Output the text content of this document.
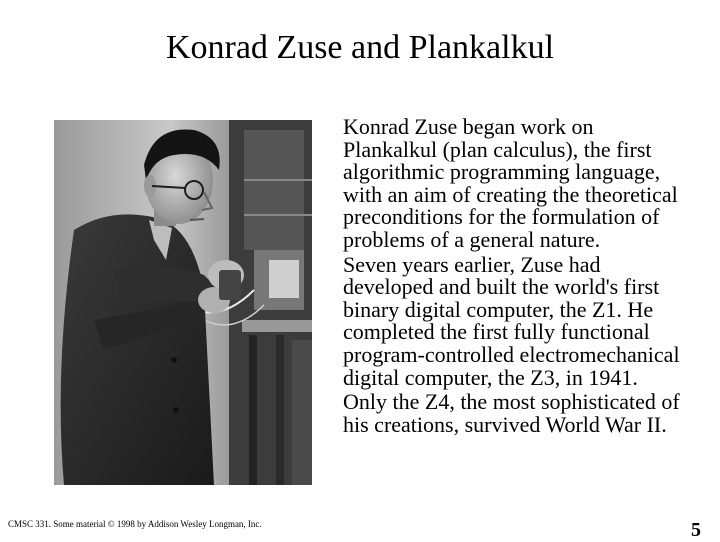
Konrad Zuse and Plankalkul

Konrad Zuse began work on Plankalkul (plan calculus), the first algorithmic programming language, with an aim of creating the theoretical preconditions for the formulation of problems of a general nature.

Seven years earlier, Zuse had developed and built the world's first binary digital computer, the Z1. He completed the first fully functional program-controlled electromechanical digital computer, the Z3, in 1941.

Only the Z4, the most sophisticated of his creations, survived World War II.

CMSC 331. Some material © 1998 by Addison Wesley Longman, Inc.	5
